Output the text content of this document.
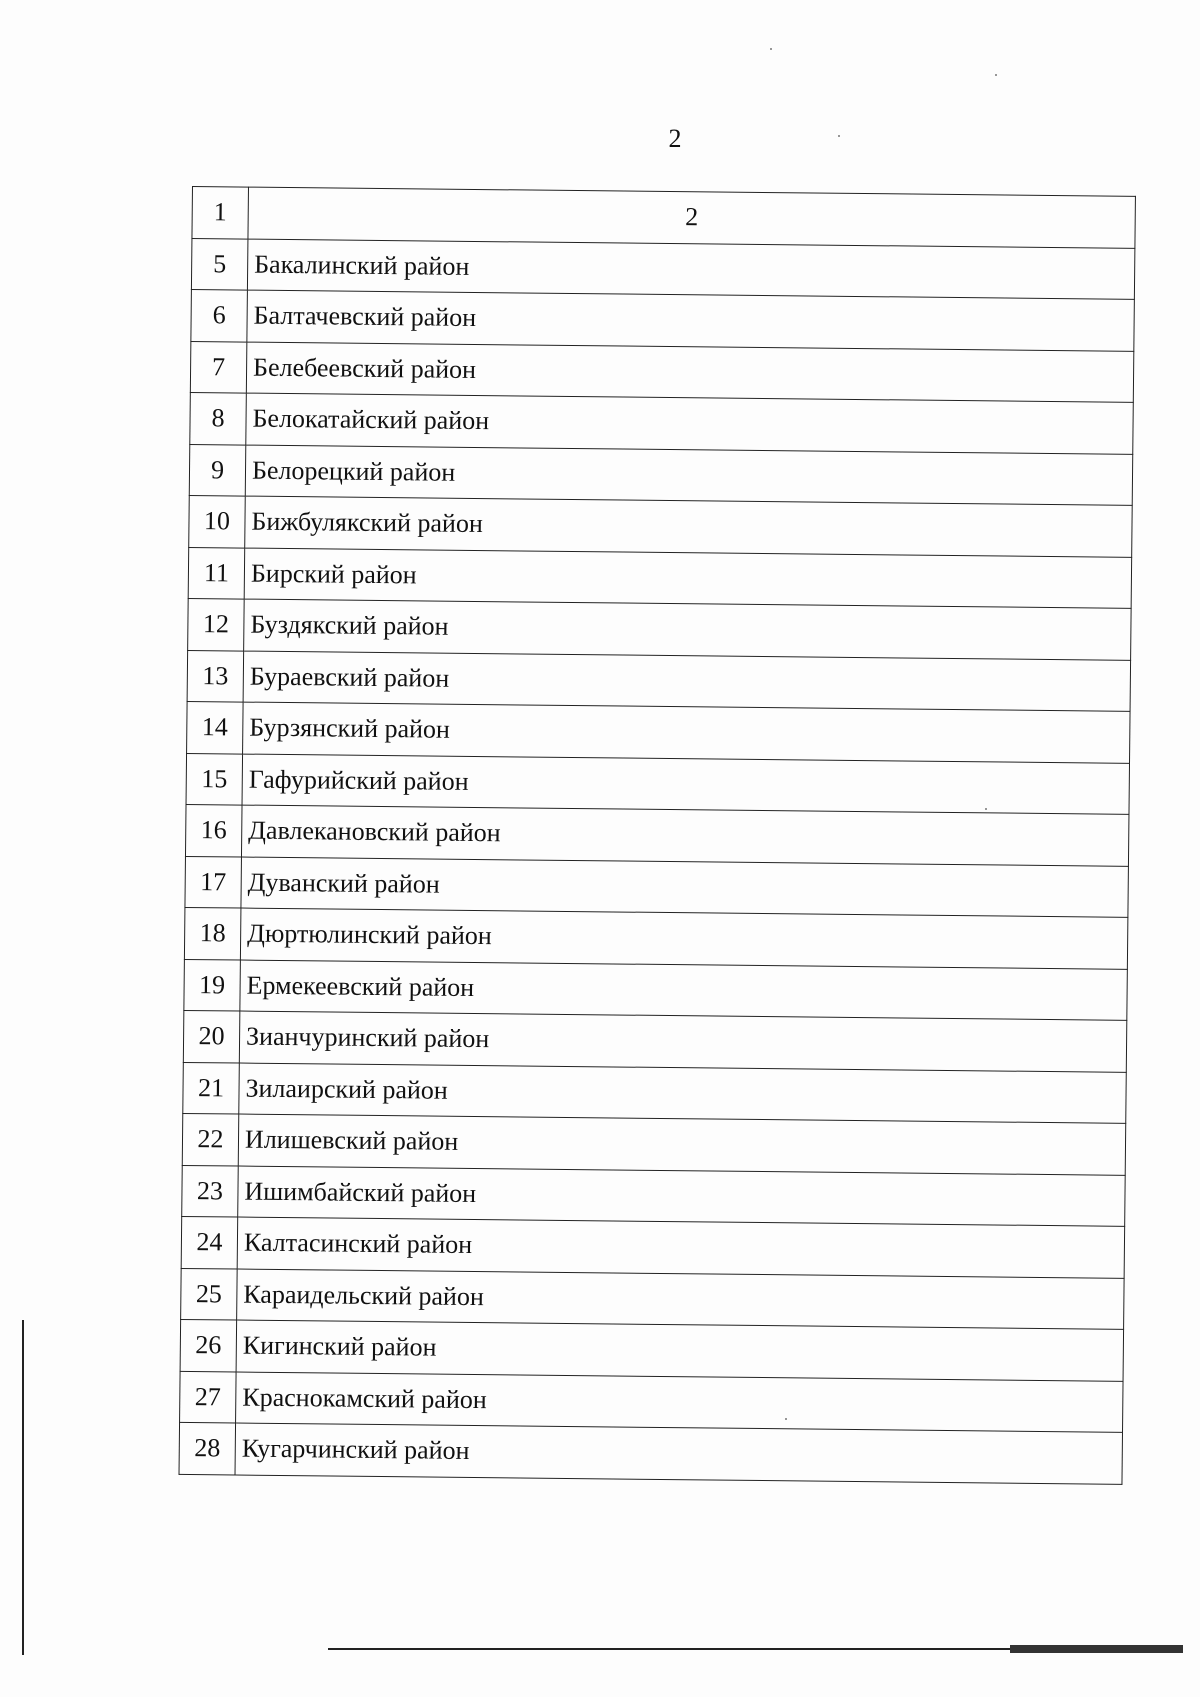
2
1	2
5	Бакалинский район
6	Балтачевский район
7	Белебеевский район
8	Белокатайский район
9	Белорецкий район
10	Бижбулякский район
11	Бирский район
12	Буздякский район
13	Бураевский район
14	Бурзянский район
15	Гафурийский район
16	Давлекановский район
17	Дуванский район
18	Дюртюлинский район
19	Ермекеевский район
20	Зианчуринский район
21	Зилаирский район
22	Илишевский район
23	Ишимбайский район
24	Калтасинский район
25	Караидельский район
26	Кигинский район
27	Краснокамский район
28	Кугарчинский район
